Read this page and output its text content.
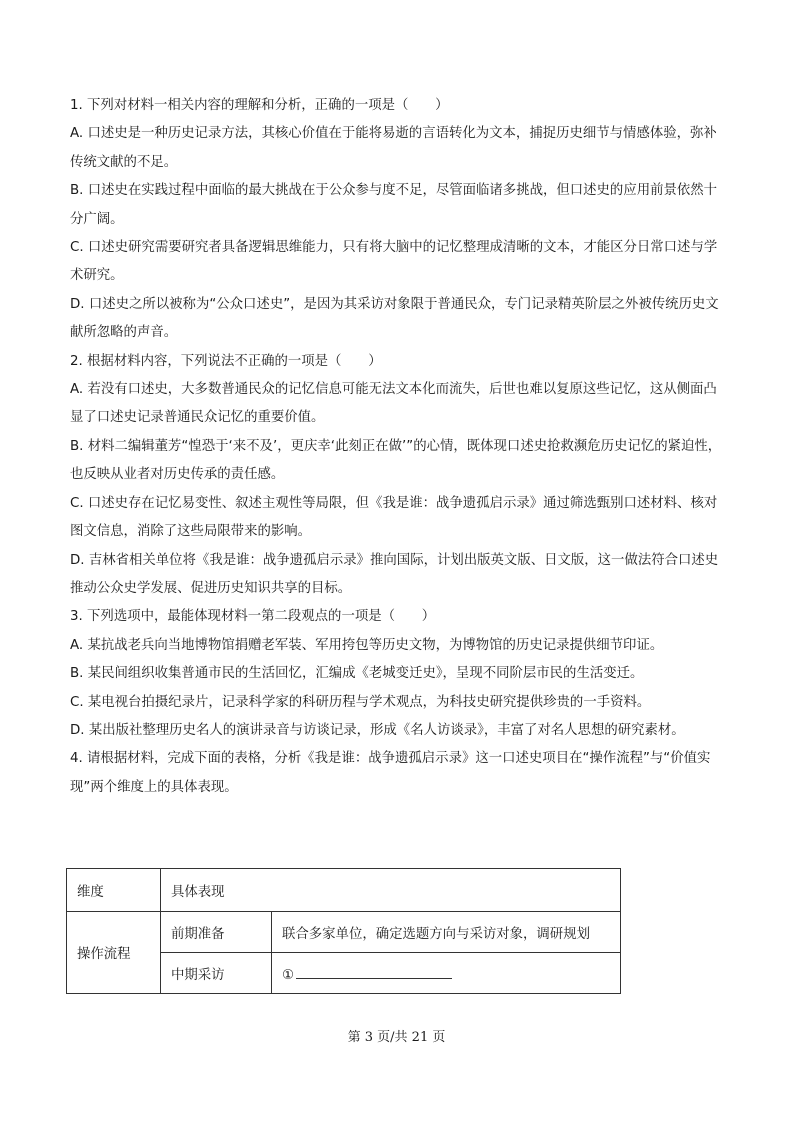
1. 下列对材料一相关内容的理解和分析，正确的一项是（　　）

A. 口述史是一种历史记录方法，其核心价值在于能将易逝的言语转化为文本，捕捉历史细节与情感体验，弥补传统文献的不足。

B. 口述史在实践过程中面临的最大挑战在于公众参与度不足，尽管面临诸多挑战，但口述史的应用前景依然十分广阔。

C. 口述史研究需要研究者具备逻辑思维能力，只有将大脑中的记忆整理成清晰的文本，才能区分日常口述与学术研究。

D. 口述史之所以被称为“公众口述史”，是因为其采访对象限于普通民众，专门记录精英阶层之外被传统历史文献所忽略的声音。

2. 根据材料内容，下列说法不正确的一项是（　　）

A. 若没有口述史，大多数普通民众的记忆信息可能无法文本化而流失，后世也难以复原这些记忆，这从侧面凸显了口述史记录普通民众记忆的重要价值。

B. 材料二编辑董芳“惶恐于‘来不及’，更庆幸‘此刻正在做’”的心情，既体现口述史抢救濒危历史记忆的紧迫性，也反映从业者对历史传承的责任感。

C. 口述史存在记忆易变性、叙述主观性等局限，但《我是谁：战争遗孤启示录》通过筛选甄别口述材料、核对图文信息，消除了这些局限带来的影响。

D. 吉林省相关单位将《我是谁：战争遗孤启示录》推向国际，计划出版英文版、日文版，这一做法符合口述史推动公众史学发展、促进历史知识共享的目标。

3. 下列选项中，最能体现材料一第二段观点的一项是（　　）

A. 某抗战老兵向当地博物馆捐赠老军装、军用挎包等历史文物，为博物馆的历史记录提供细节印证。

B. 某民间组织收集普通市民的生活回忆，汇编成《老城变迁史》，呈现不同阶层市民的生活变迁。

C. 某电视台拍摄纪录片，记录科学家的科研历程与学术观点，为科技史研究提供珍贵的一手资料。

D. 某出版社整理历史名人的演讲录音与访谈记录，形成《名人访谈录》，丰富了对名人思想的研究素材。

4. 请根据材料，完成下面的表格，分析《我是谁：战争遗孤启示录》这一口述史项目在“操作流程”与“价值实现”两个维度上的具体表现。

维度	具体表现	
操作流程	前期准备	联合多家单位，确定选题方向与采访对象，调研规划
	中期采访	①
第 3 页/共 21 页
